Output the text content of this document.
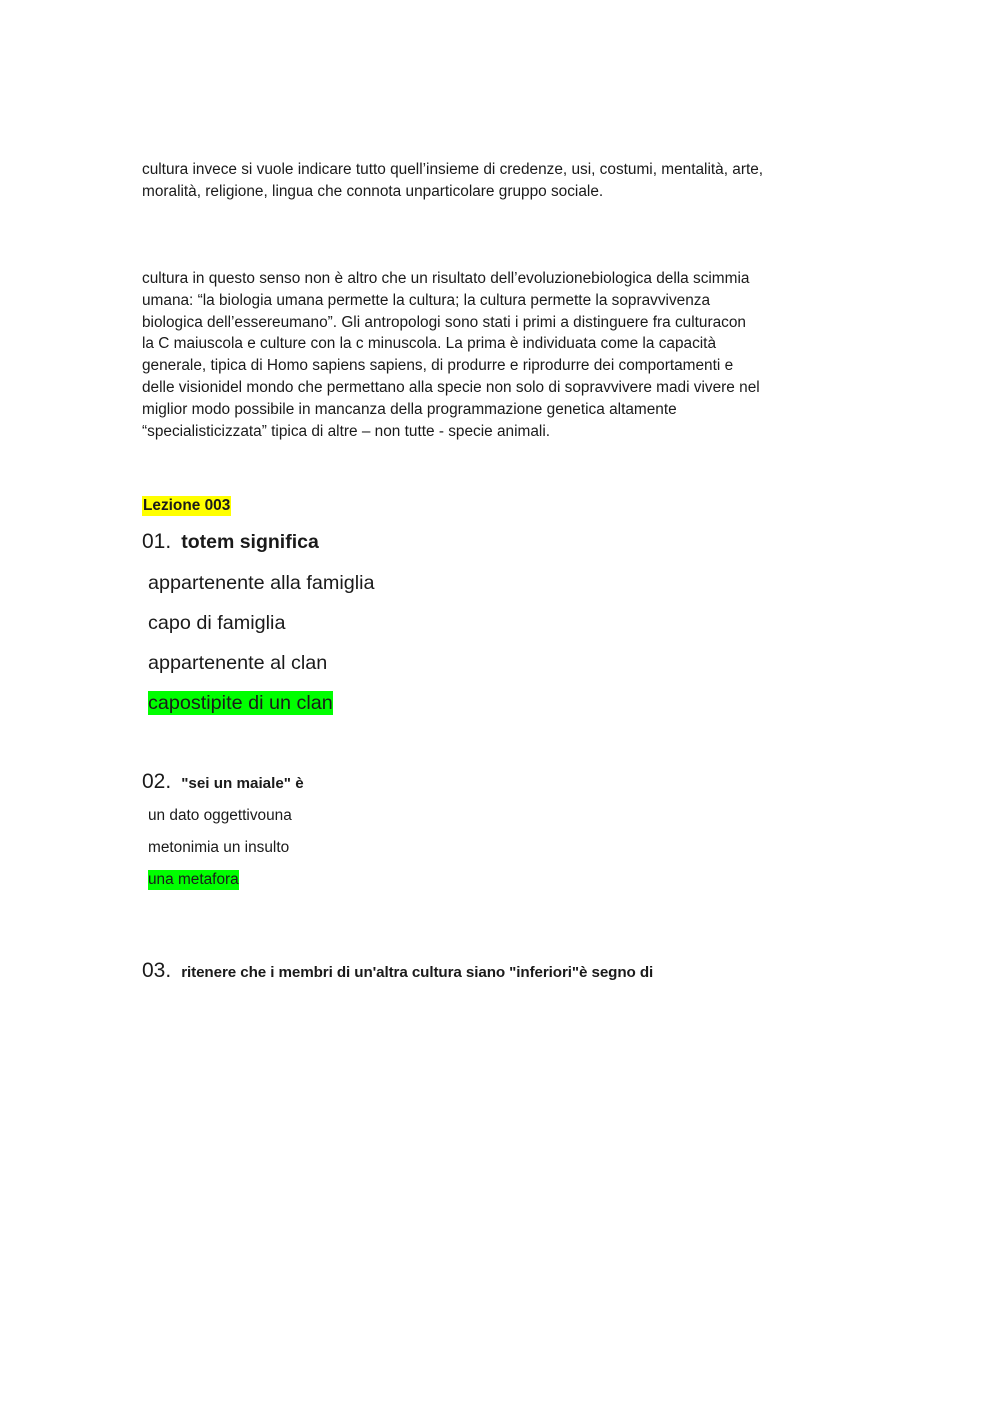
cultura invece si vuole indicare tutto quell’insieme di credenze, usi, costumi, mentalità, arte,
moralità, religione, lingua che connota unparticolare gruppo sociale.

cultura in questo senso non è altro che un risultato dell’evoluzionebiologica della scimmia
umana: “la biologia umana permette la cultura; la cultura permette la sopravvivenza
biologica dell’essereumano”. Gli antropologi sono stati i primi a distinguere fra culturacon
la C maiuscola e culture con la c minuscola. La prima è individuata come la capacità
generale, tipica di Homo sapiens sapiens, di produrre e riprodurre dei comportamenti e
delle visionidel mondo che permettano alla specie non solo di sopravvivere madi vivere nel
miglior modo possibile in mancanza della programmazione genetica altamente
“specialisticizzata” tipica di altre – non tutte - specie animali.

Lezione 003
01. totem significa
appartenente alla famiglia
capo di famiglia
appartenente al clan
capostipite di un clan
02. "sei un maiale" è
un dato oggettivouna
metonimia un insulto
una metafora
03. ritenere che i membri di un'altra cultura siano "inferiori"è segno di
